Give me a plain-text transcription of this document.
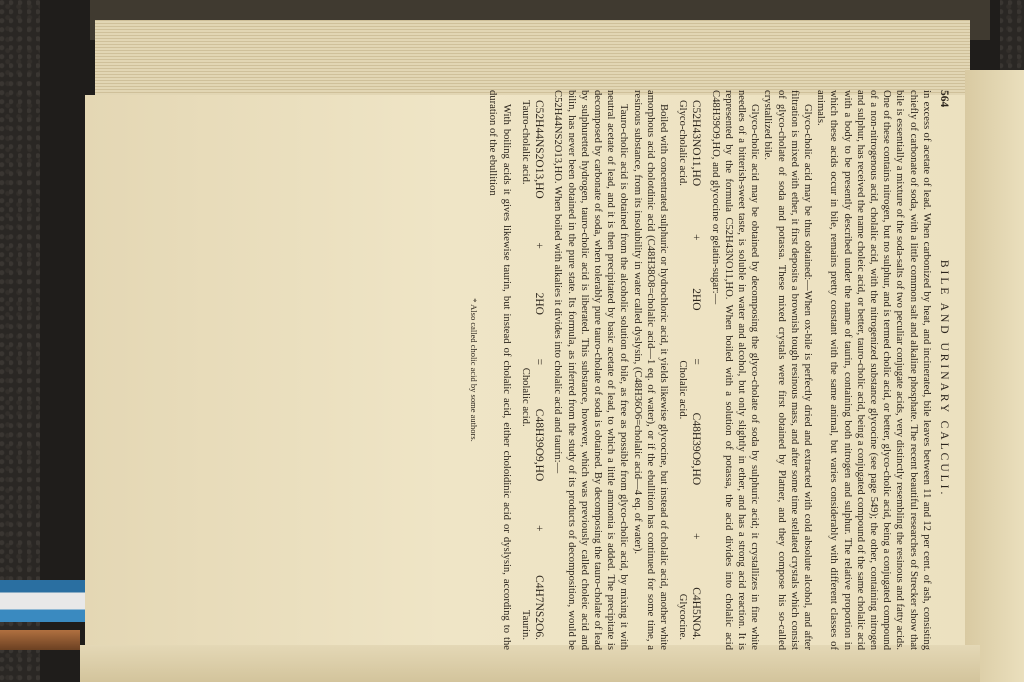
564
BILE AND URINARY CALCULI.

in excess of acetate of lead. When carbonized by heat, and incinerated, bile leaves between 11 and 12 per cent. of ash, consisting chiefly of carbonate of soda, with a little common salt and alkaline phosphate. The recent beautiful researches of Strecker show that bile is essentially a mixture of the soda-salts of two peculiar conjugate acids, very distinctly resembling the resinous and fatty acids. One of these contains nitrogen, but no sulphur, and is termed cholic acid, or better, glyco-cholic acid, being a conjugated compound of a non-nitrogenous acid, cholalic acid, with the nitrogenized substance glycocine (see page 549); the other, containing nitrogen and sulphur, has received the name choleic acid, or better, tauro-cholic acid, being a conjugated compound of the same cholalic acid with a body to be presently described under the name of taurin, containing both nitrogen and sulphur. The relative proportion in which these acids occur in bile, remains pretty constant with the same animal, but varies considerably with different classes of animals.

Glyco-cholic acid may be thus obtained:—When ox-bile is perfectly dried and extracted with cold absolute alcohol, and after filtration is mixed with ether, it first deposits a brownish tough resinous mass, and after some time stellated crystals which consist of glyco-cholate of soda and potassa. These mixed crystals were first obtained by Platner, and they compose his so-called crystallized bile.

Glyco-cholic acid may be obtained by decomposing the glyco-cholate of soda by sulphuric acid; it crystallizes in fine white needles of a bitterish-sweet taste, is soluble in water and alcohol, but only slightly in ether, and has a strong acid reaction. It is represented by the formula C52H43NO11,HO. When boiled with a solution of potassa, the acid divides into cholalic acid C48H39O9,HO, and glycocine or gelatin-sugar:—

C52H43NO11,HO
+
2HO
=
C48H39O9,HO
+
C4H5NO4.
Glyco-cholalic acid.
Cholalic acid.
Glycocine.

Boiled with concentrated sulphuric or hydrochloric acid, it yields likewise glycocine, but instead of cholalic acid, another white amorphous acid cholotdinic acid (C48H38O8=cholalic acid—1 eq. of water), or if the ebullition has continued for some time, a resinous substance, from its insolubility in water called dyslysin, (C48H36O6=cholalic acid—4 eq. of water).

Tauro-cholic acid is obtained from the alcoholic solution of bile, as free as possible from glyco-cholic acid, by mixing it with neutral acetate of lead, and it is then precipitated by basic acetate of lead, to which a little ammonia is added. The precipitate is decomposed by carbonate of soda, when tolerably pure tauro-cholate of soda is obtained. By decomposing the tauro-cholate of lead by sulphuretted hydrogen, tauro-cholic acid is liberated. This substance, however, which was previously called choleic acid and bilin, has never been obtained in the pure state. Its formula, as inferred from the study of its products of decomposition, would be C52H44NS2O13,HO. When boiled with alkalies it divides into cholalic acid and taurin:—

C52H44NS2O13,HO
+
2HO
=
C48H39O9,HO
+
C4H7NS2O6.
Tauro-cholalic acid.
Cholalic acid.
Taurin.

With boiling acids it gives likewise taurin, but instead of cholalic acid, either choloidinic acid or dyslysin, according to the duration of the ebullition

* Also called cholic acid by some authors.
